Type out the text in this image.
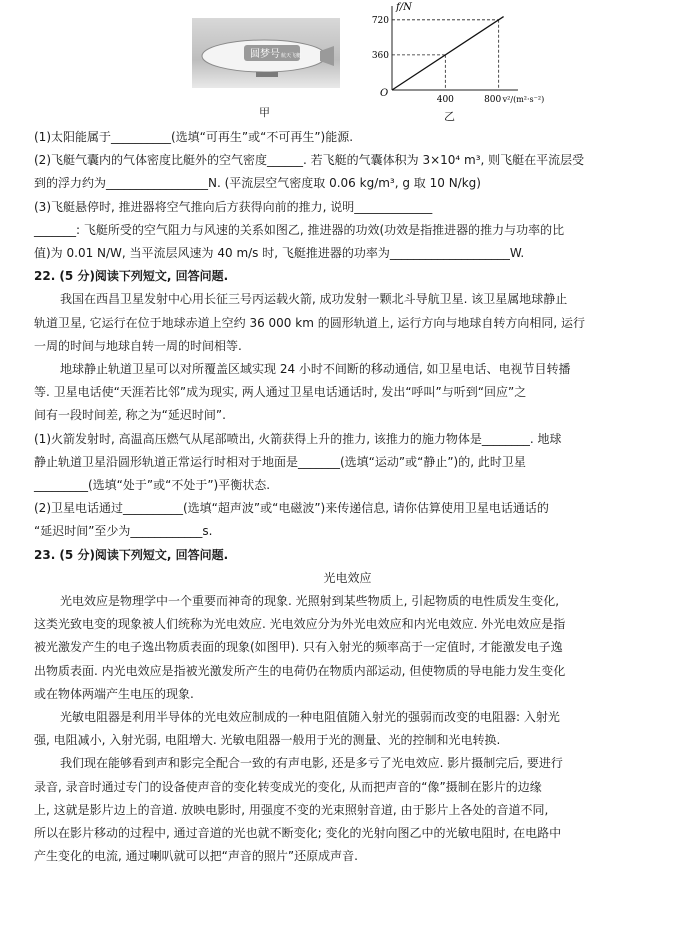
圆梦号 航天飞艇
甲
f/N
v²/(m²·s⁻²)
360
720
400	800
O
乙

(1)太阳能属于__________(选填“可再生”或“不可再生”)能源.

(2)飞艇气囊内的气体密度比艇外的空气密度______. 若飞艇的气囊体积为 3×10⁴ m³, 则飞艇在平流层受

到的浮力约为_________________N. (平流层空气密度取 0.06 kg/m³, g 取 10 N/kg)

(3)飞艇悬停时, 推进器将空气推向后方获得向前的推力, 说明_____________

_______: 飞艇所受的空气阻力与风速的关系如图乙, 推进器的功效(功效是指推进器的推力与功率的比

值)为 0.01 N/W, 当平流层风速为 40 m/s 时, 飞艇推进器的功率为____________________W.

22. (5 分)阅读下列短文, 回答问题.

我国在西昌卫星发射中心用长征三号丙运载火箭, 成功发射一颗北斗导航卫星. 该卫星属地球静止

轨道卫星, 它运行在位于地球赤道上空约 36 000 km 的圆形轨道上, 运行方向与地球自转方向相同, 运行

一周的时间与地球自转一周的时间相等.

地球静止轨道卫星可以对所覆盖区域实现 24 小时不间断的移动通信, 如卫星电话、电视节目转播

等. 卫星电话使“天涯若比邻”成为现实, 两人通过卫星电话通话时, 发出“呼叫”与听到“回应”之

间有一段时间差, 称之为“延迟时间”.

(1)火箭发射时, 高温高压燃气从尾部喷出, 火箭获得上升的推力, 该推力的施力物体是________. 地球

静止轨道卫星沿圆形轨道正常运行时相对于地面是_______(选填“运动”或“静止”)的, 此时卫星

_________(选填“处于”或“不处于”)平衡状态.

(2)卫星电话通过__________(选填“超声波”或“电磁波”)来传递信息, 请你估算使用卫星电话通话的

“延迟时间”至少为____________s.

23. (5 分)阅读下列短文, 回答问题.

光电效应

光电效应是物理学中一个重要而神奇的现象. 光照射到某些物质上, 引起物质的电性质发生变化,

这类光致电变的现象被人们统称为光电效应. 光电效应分为外光电效应和内光电效应. 外光电效应是指

被光激发产生的电子逸出物质表面的现象(如图甲). 只有入射光的频率高于一定值时, 才能激发电子逸

出物质表面. 内光电效应是指被光激发所产生的电荷仍在物质内部运动, 但使物质的导电能力发生变化

或在物体两端产生电压的现象.

光敏电阻器是利用半导体的光电效应制成的一种电阻值随入射光的强弱而改变的电阻器: 入射光

强, 电阻减小, 入射光弱, 电阻增大. 光敏电阻器一般用于光的测量、光的控制和光电转换.

我们现在能够看到声和影完全配合一致的有声电影, 还是多亏了光电效应. 影片摄制完后, 要进行

录音, 录音时通过专门的设备使声音的变化转变成光的变化, 从而把声音的“像”摄制在影片的边缘

上, 这就是影片边上的音道. 放映电影时, 用强度不变的光束照射音道, 由于影片上各处的音道不同,

所以在影片移动的过程中, 通过音道的光也就不断变化; 变化的光射向图乙中的光敏电阻时, 在电路中

产生变化的电流, 通过喇叭就可以把“声音的照片”还原成声音.
